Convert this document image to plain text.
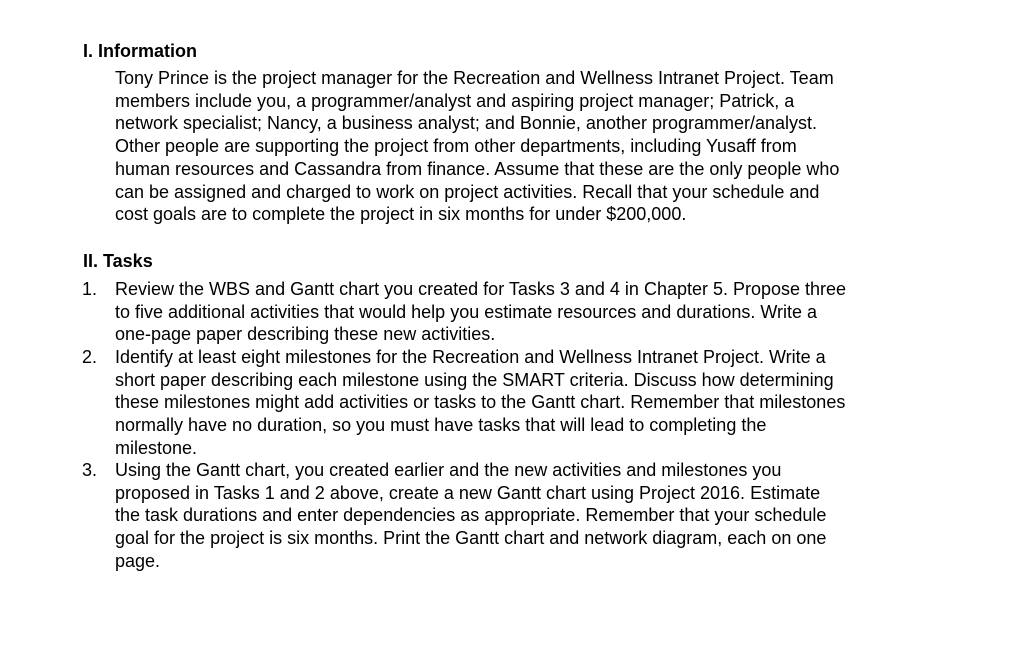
I. Information
Tony Prince is the project manager for the Recreation and Wellness Intranet Project. Team
members include you, a programmer/analyst and aspiring project manager; Patrick, a
network specialist; Nancy, a business analyst; and Bonnie, another programmer/analyst.
Other people are supporting the project from other departments, including Yusaff from
human resources and Cassandra from finance. Assume that these are the only people who
can be assigned and charged to work on project activities. Recall that your schedule and
cost goals are to complete the project in six months for under $200,000.
II. Tasks
1. Review the WBS and Gantt chart you created for Tasks 3 and 4 in Chapter 5. Propose three
to five additional activities that would help you estimate resources and durations. Write a
one-page paper describing these new activities.
2. Identify at least eight milestones for the Recreation and Wellness Intranet Project. Write a
short paper describing each milestone using the SMART criteria. Discuss how determining
these milestones might add activities or tasks to the Gantt chart. Remember that milestones
normally have no duration, so you must have tasks that will lead to completing the
milestone.
3. Using the Gantt chart, you created earlier and the new activities and milestones you
proposed in Tasks 1 and 2 above, create a new Gantt chart using Project 2016. Estimate
the task durations and enter dependencies as appropriate. Remember that your schedule
goal for the project is six months. Print the Gantt chart and network diagram, each on one
page.
